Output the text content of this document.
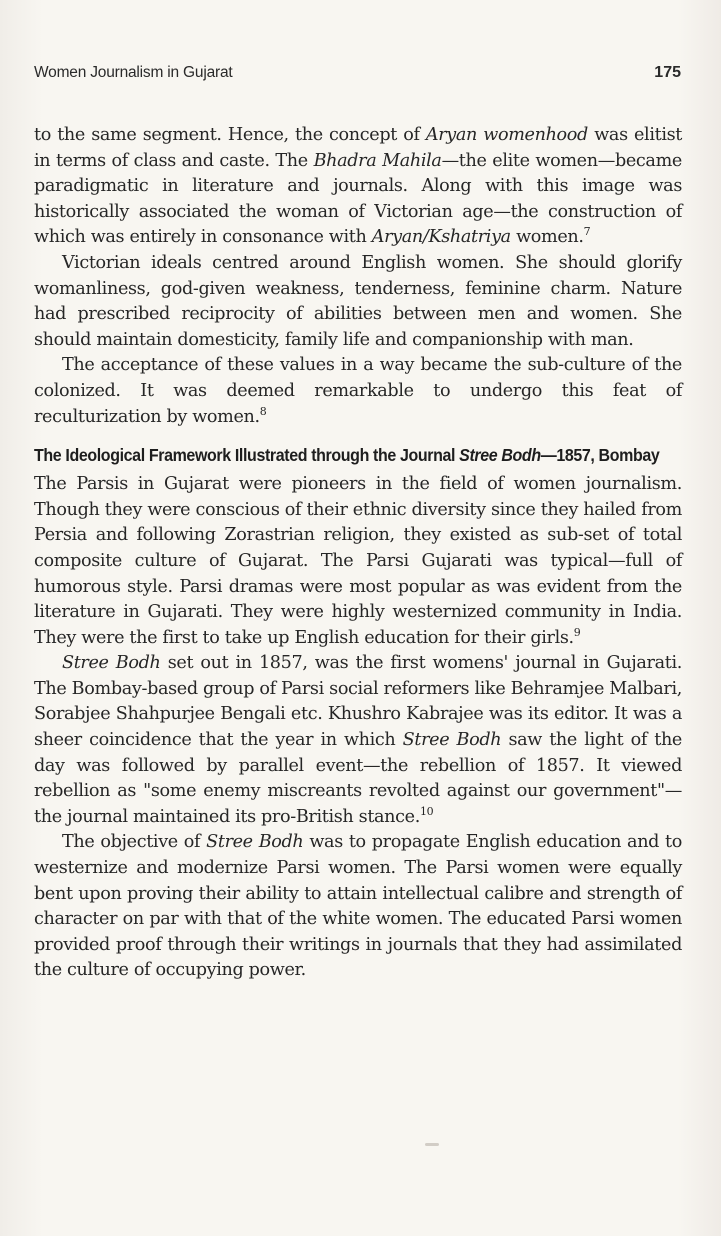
Women Journalism in Gujarat	175

to the same segment. Hence, the concept of Aryan womenhood was elitist in terms of class and caste. The Bhadra Mahila—the elite women—became paradigmatic in literature and journals. Along with this image was historically associated the woman of Victorian age—the construction of which was entirely in consonance with Aryan/Kshatriya women.$^7$

Victorian ideals centred around English women. She should glorify womanliness, god-given weakness, tenderness, feminine charm. Nature had prescribed reciprocity of abilities between men and women. She should maintain domesticity, family life and companionship with man.

The acceptance of these values in a way became the sub-culture of the colonized. It was deemed remarkable to undergo this feat of reculturization by women.$^8$

The Ideological Framework Illustrated through the Journal Stree Bodh—1857, Bombay

The Parsis in Gujarat were pioneers in the field of women journalism. Though they were conscious of their ethnic diversity since they hailed from Persia and following Zorastrian religion, they existed as sub-set of total composite culture of Gujarat. The Parsi Gujarati was typical—full of humorous style. Parsi dramas were most popular as was evident from the literature in Gujarati. They were highly westernized community in India. They were the first to take up English education for their girls.$^9$

Stree Bodh set out in 1857, was the first womens' journal in Gujarati. The Bombay-based group of Parsi social reformers like Behramjee Malbari, Sorabjee Shahpurjee Bengali etc. Khushro Kabrajee was its editor. It was a sheer coincidence that the year in which Stree Bodh saw the light of the day was followed by parallel event—the rebellion of 1857. It viewed rebellion as "some enemy miscreants revolted against our government"—the journal maintained its pro-British stance.$^{10}$

The objective of Stree Bodh was to propagate English education and to westernize and modernize Parsi women. The Parsi women were equally bent upon proving their ability to attain intellectual calibre and strength of character on par with that of the white women. The educated Parsi women provided proof through their writings in journals that they had assimilated the culture of occupying power.
